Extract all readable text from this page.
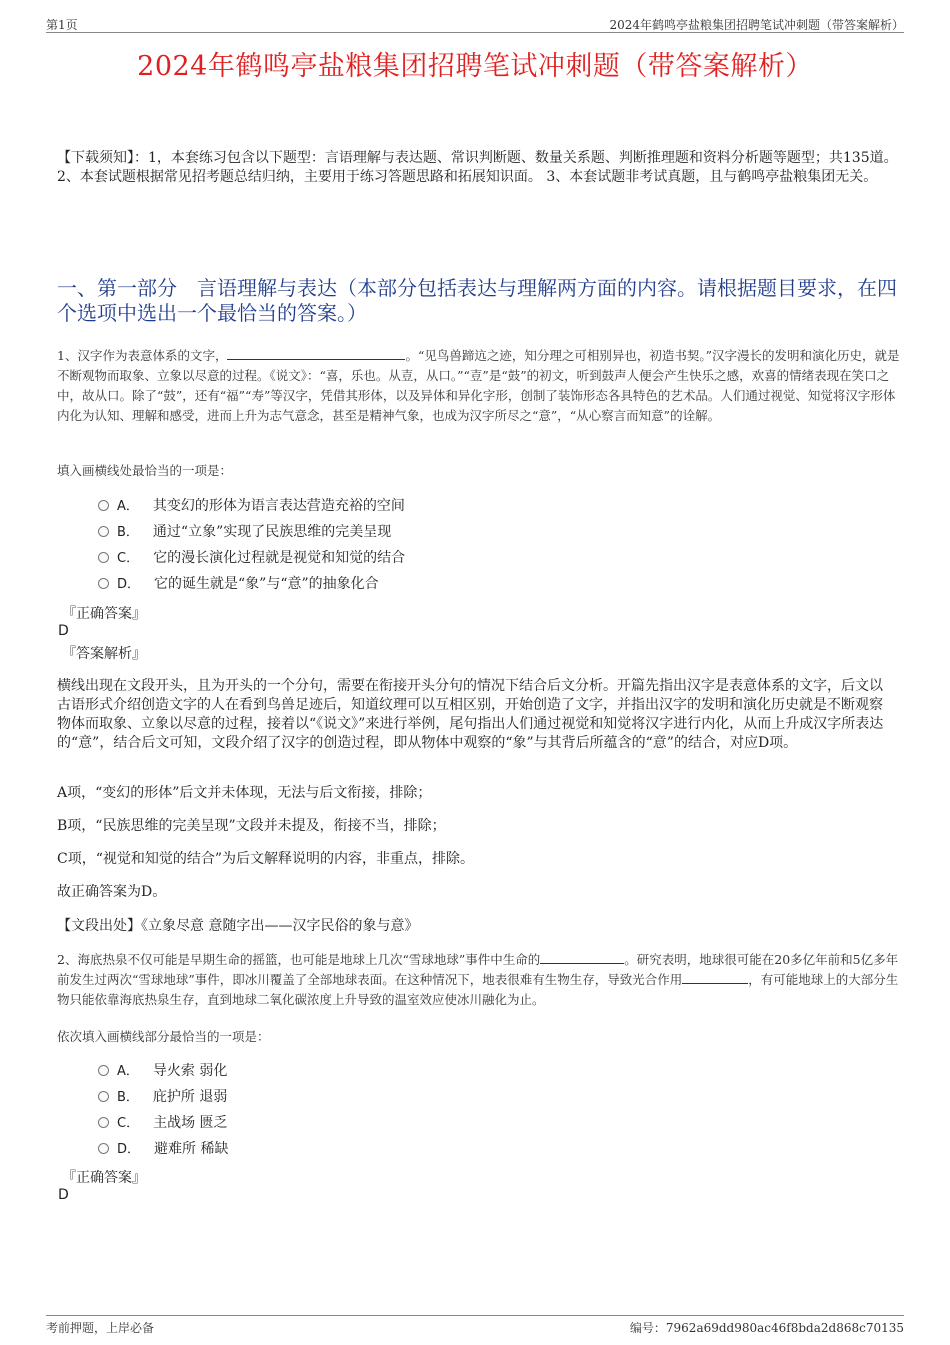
第1页	2024年鹤鸣亭盐粮集团招聘笔试冲刺题（带答案解析）
2024年鹤鸣亭盐粮集团招聘笔试冲刺题（带答案解析）
【下载须知】：1，本套练习包含以下题型：言语理解与表达题、常识判断题、数量关系题、判断推理题和资料分析题等题型；共135道。 2、本套试题根据常见招考题总结归纳，主要用于练习答题思路和拓展知识面。 3、本套试题非考试真题，且与鹤鸣亭盐粮集团无关。
一、第一部分　言语理解与表达（本部分包括表达与理解两方面的内容。请根据题目要求，在四个选项中选出一个最恰当的答案。）
1、汉字作为表意体系的文字，	。“见鸟兽蹄迒之迹，知分理之可相别异也，初造书契。”汉字漫长的发明和演化历史，就是不断观物而取象、立象以尽意的过程。《说文》：“喜，乐也。从壴，从口。”“壴”是“鼓”的初文，听到鼓声人便会产生快乐之感，欢喜的情绪表现在笑口之中，故从口。除了“鼓”，还有“福”“寿”等汉字，凭借其形体，以及异体和异化字形，创制了装饰形态各具特色的艺术品。人们通过视觉、知觉将汉字形体内化为认知、理解和感受，进而上升为志气意念，甚至是精神气象，也成为汉字所尽之“意”，“从心察言而知意”的诠解。
填入画横线处最恰当的一项是：
A． 其变幻的形体为语言表达营造充裕的空间
B． 通过“立象”实现了民族思维的完美呈现
C． 它的漫长演化过程就是视觉和知觉的结合
D． 它的诞生就是“象”与“意”的抽象化合
『正确答案』
D
『答案解析』
横线出现在文段开头，且为开头的一个分句，需要在衔接开头分句的情况下结合后文分析。开篇先指出汉字是表意体系的文字，后文以古语形式介绍创造文字的人在看到鸟兽足迹后，知道纹理可以互相区别，开始创造了文字，并指出汉字的发明和演化历史就是不断观察物体而取象、立象以尽意的过程，接着以“《说文》”来进行举例，尾句指出人们通过视觉和知觉将汉字进行内化，从而上升成汉字所表达的“意”，结合后文可知，文段介绍了汉字的创造过程，即从物体中观察的“象”与其背后所蕴含的“意”的结合，对应D项。
A项，“变幻的形体”后文并未体现，无法与后文衔接，排除；
B项，“民族思维的完美呈现”文段并未提及，衔接不当，排除；
C项，“视觉和知觉的结合”为后文解释说明的内容，非重点，排除。
故正确答案为D。
【文段出处】《立象尽意 意随字出——汉字民俗的象与意》
2、海底热泉不仅可能是早期生命的摇篮，也可能是地球上几次“雪球地球”事件中生命的	。研究表明，地球很可能在20多亿年前和5亿多年前发生过两次“雪球地球”事件，即冰川覆盖了全部地球表面。在这种情况下，地表很难有生物生存，导致光合作用	，有可能地球上的大部分生物只能依靠海底热泉生存，直到地球二氧化碳浓度上升导致的温室效应使冰川融化为止。
依次填入画横线部分最恰当的一项是：
A． 导火索 弱化
B． 庇护所 退弱
C． 主战场 匮乏
D． 避难所 稀缺
『正确答案』
D
考前押题，上岸必备	编号：7962a69dd980ac46f8bda2d868c70135
